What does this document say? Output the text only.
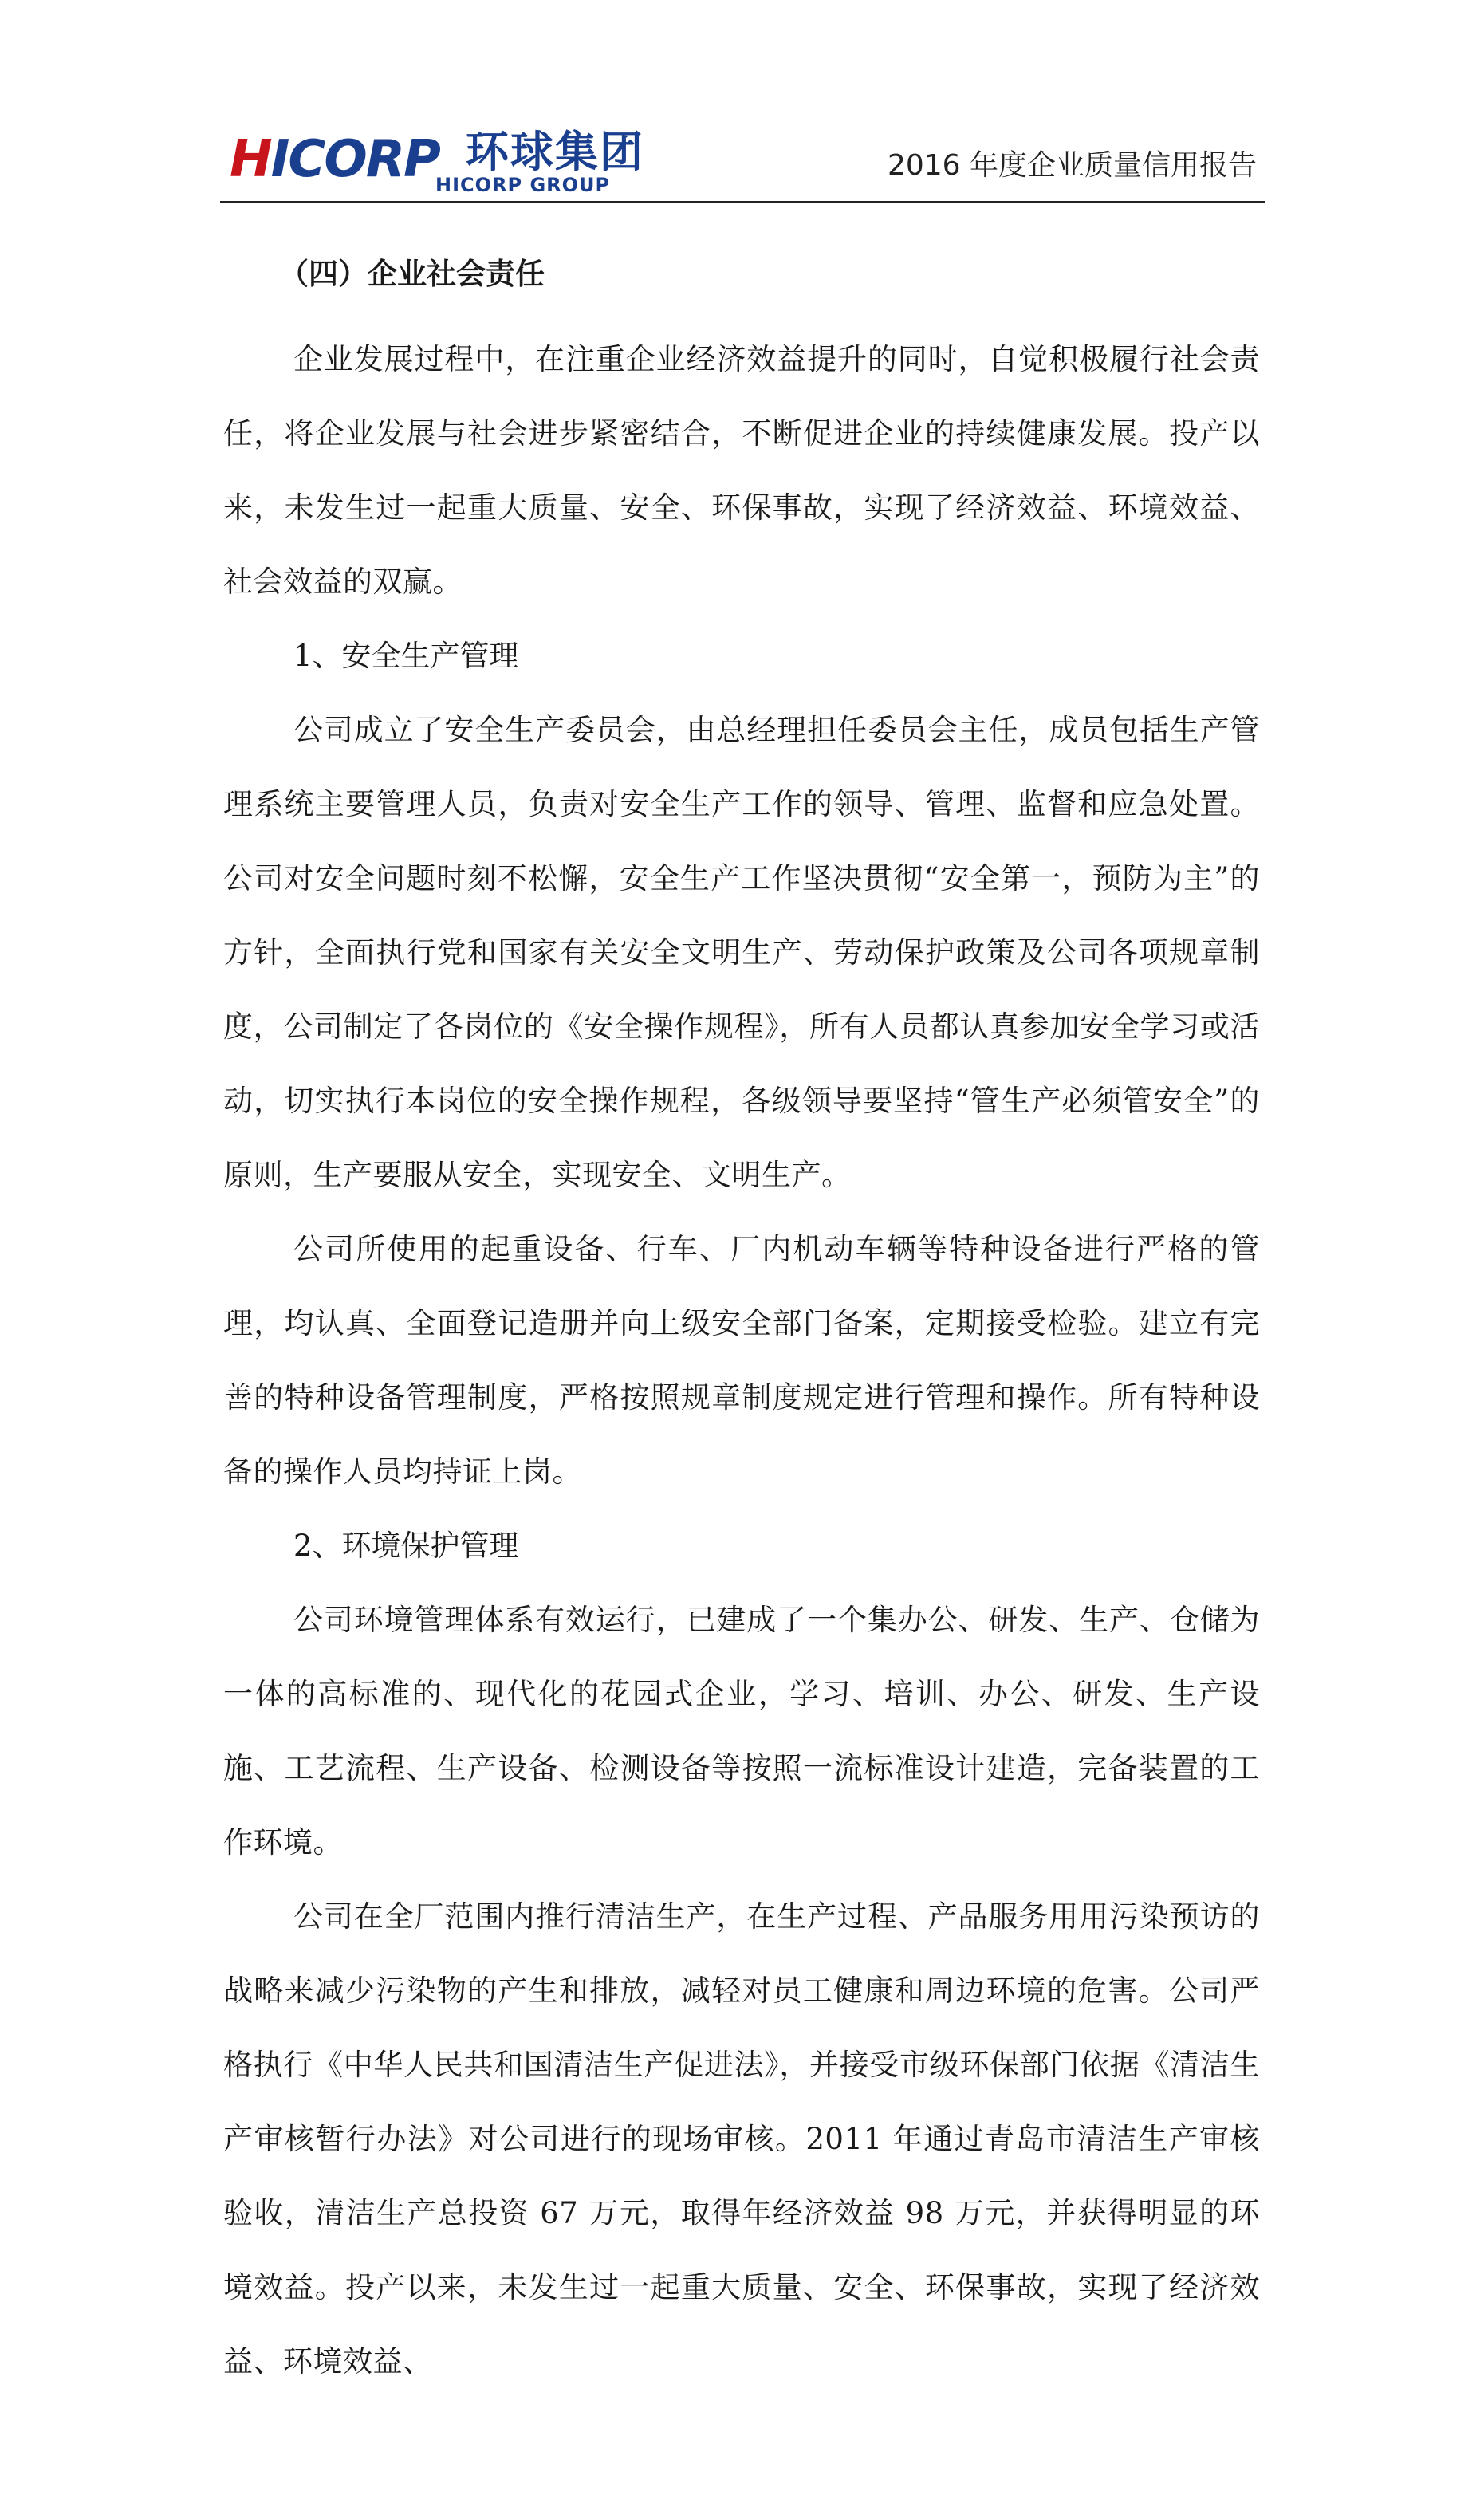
HICORP 环球集团
HICORP GROUP
2016 年度企业质量信用报告
（四）企业社会责任

企业发展过程中，在注重企业经济效益提升的同时，自觉积极履行社会责任，将企业发展与社会进步紧密结合，不断促进企业的持续健康发展。投产以来，未发生过一起重大质量、安全、环保事故，实现了经济效益、环境效益、社会效益的双赢。

1、安全生产管理

公司成立了安全生产委员会，由总经理担任委员会主任，成员包括生产管理系统主要管理人员，负责对安全生产工作的领导、管理、监督和应急处置。公司对安全问题时刻不松懈，安全生产工作坚决贯彻“安全第一，预防为主”的方针，全面执行党和国家有关安全文明生产、劳动保护政策及公司各项规章制度，公司制定了各岗位的《安全操作规程》，所有人员都认真参加安全学习或活动，切实执行本岗位的安全操作规程，各级领导要坚持“管生产必须管安全”的原则，生产要服从安全，实现安全、文明生产。

公司所使用的起重设备、行车、厂内机动车辆等特种设备进行严格的管理，均认真、全面登记造册并向上级安全部门备案，定期接受检验。建立有完善的特种设备管理制度，严格按照规章制度规定进行管理和操作。所有特种设备的操作人员均持证上岗。

2、环境保护管理

公司环境管理体系有效运行，已建成了一个集办公、研发、生产、仓储为一体的高标准的、现代化的花园式企业，学习、培训、办公、研发、生产设施、工艺流程、生产设备、检测设备等按照一流标准设计建造，完备装置的工作环境。

公司在全厂范围内推行清洁生产，在生产过程、产品服务用用污染预访的战略来减少污染物的产生和排放，减轻对员工健康和周边环境的危害。公司严格执行《中华人民共和国清洁生产促进法》，并接受市级环保部门依据《清洁生产审核暂行办法》对公司进行的现场审核。2011 年通过青岛市清洁生产审核验收，清洁生产总投资 67 万元，取得年经济效益 98 万元，并获得明显的环境效益。投产以来，未发生过一起重大质量、安全、环保事故，实现了经济效益、环境效益、
